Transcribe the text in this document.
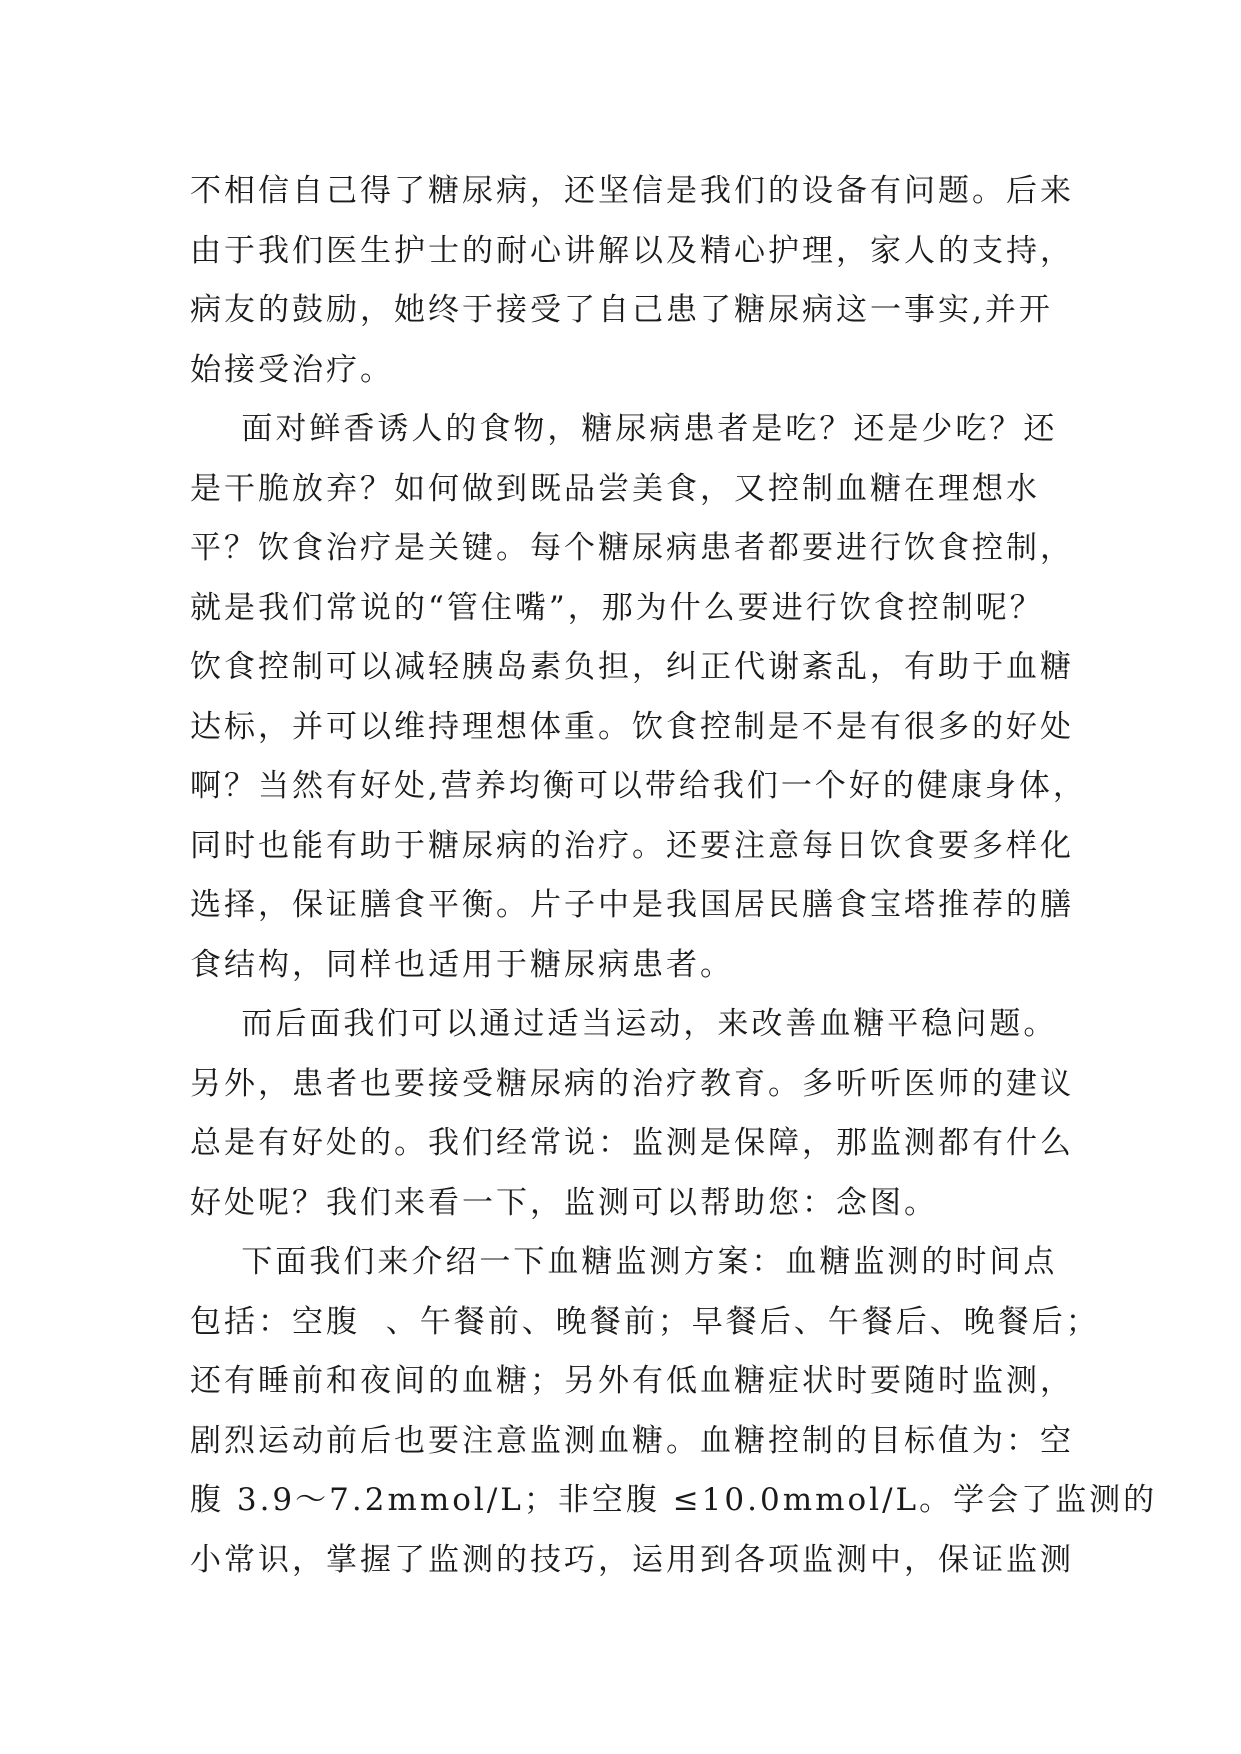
不相信自己得了糖尿病，还坚信是我们的设备有问题。后来
由于我们医生护士的耐心讲解以及精心护理，家人的支持，
病友的鼓励，她终于接受了自己患了糖尿病这一事实,并开
始接受治疗。
面对鲜香诱人的食物，糖尿病患者是吃？还是少吃？还
是干脆放弃？如何做到既品尝美食，又控制血糖在理想水
平？饮食治疗是关键。每个糖尿病患者都要进行饮食控制，
就是我们常说的“管住嘴”，那为什么要进行饮食控制呢？
饮食控制可以减轻胰岛素负担，纠正代谢紊乱，有助于血糖
达标，并可以维持理想体重。饮食控制是不是有很多的好处
啊？当然有好处,营养均衡可以带给我们一个好的健康身体，
同时也能有助于糖尿病的治疗。还要注意每日饮食要多样化
选择，保证膳食平衡。片子中是我国居民膳食宝塔推荐的膳
食结构，同样也适用于糖尿病患者。
而后面我们可以通过适当运动，来改善血糖平稳问题。
另外，患者也要接受糖尿病的治疗教育。多听听医师的建议
总是有好处的。我们经常说：监测是保障，那监测都有什么
好处呢？我们来看一下，监测可以帮助您：念图。
下面我们来介绍一下血糖监测方案：血糖监测的时间点
包括：空腹  、午餐前、晚餐前；早餐后、午餐后、晚餐后；
还有睡前和夜间的血糖；另外有低血糖症状时要随时监测，
剧烈运动前后也要注意监测血糖。血糖控制的目标值为：空
腹 3.9～7.2mmol/L；非空腹 ≤10.0mmol/L。学会了监测的
小常识，掌握了监测的技巧，运用到各项监测中，保证监测
